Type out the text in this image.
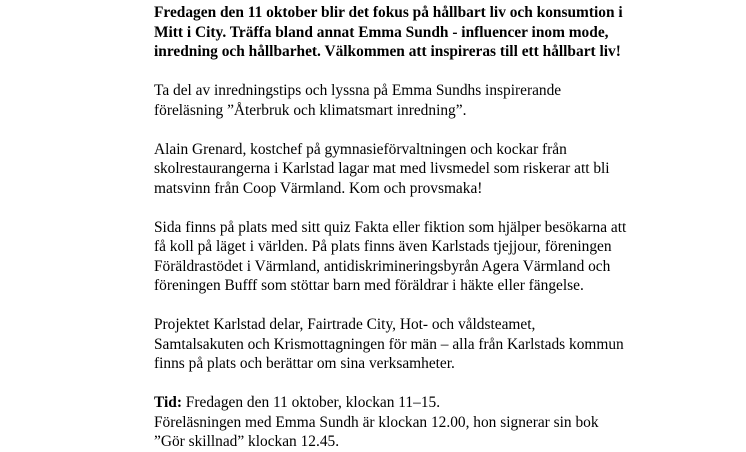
Fredagen den 11 oktober blir det fokus på hållbart liv och konsumtion i
Mitt i City. Träffa bland annat Emma Sundh - influencer inom mode,
inredning och hållbarhet. Välkommen att inspireras till ett hållbart liv!

Ta del av inredningstips och lyssna på Emma Sundhs inspirerande
föreläsning ”Återbruk och klimatsmart inredning”.

Alain Grenard, kostchef på gymnasieförvaltningen och kockar från
skolrestaurangerna i Karlstad lagar mat med livsmedel som riskerar att bli
matsvinn från Coop Värmland. Kom och provsmaka!

Sida finns på plats med sitt quiz Fakta eller fiktion som hjälper besökarna att
få koll på läget i världen. På plats finns även Karlstads tjejjour, föreningen
Föräldrastödet i Värmland, antidiskrimineringsbyrån Agera Värmland och
föreningen Bufff som stöttar barn med föräldrar i häkte eller fängelse.

Projektet Karlstad delar, Fairtrade City, Hot- och våldsteamet,
Samtalsakuten och Krismottagningen för män – alla från Karlstads kommun
finns på plats och berättar om sina verksamheter.

Tid: Fredagen den 11 oktober, klockan 11–15.
Föreläsningen med Emma Sundh är klockan 12.00, hon signerar sin bok
”Gör skillnad” klockan 12.45.
